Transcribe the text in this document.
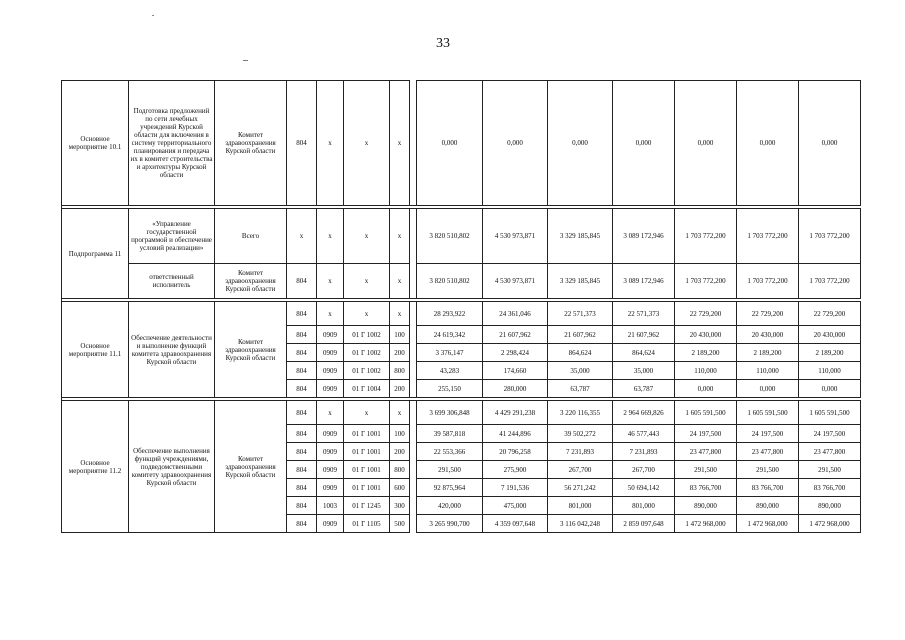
33
Основное мероприятие 10.1	Подготовка предложений по сети лечебных учреждений Курской области для включения в систему территориального планирования и передача их в комитет строительства и архитектуры Курской области	Комитет здравоохранения Курской области	804	x	x	x		0,000	0,000	0,000	0,000	0,000	0,000	0,000

Подпрограмма 11	«Управление государственной программой и обеспечение условий реализации»	Всего	x	x	x	x		3 820 510,802	4 530 973,871	3 329 185,845	3 089 172,946	1 703 772,200	1 703 772,200	1 703 772,200
	ответственный исполнитель	Комитет здравоохранения Курской области	804	x	x	x		3 820 510,802	4 530 973,871	3 329 185,845	3 089 172,946	1 703 772,200	1 703 772,200	1 703 772,200

Основное мероприятие 11.1	Обеспечение деятельности и выполнение функций комитета здравоохранения Курской области	Комитет здравоохранения Курской области	804	x	x	x		28 293,922	24 361,046	22 571,373	22 571,373	22 729,200	22 729,200	22 729,200
			804	0909	01 Г 1002	100		24 619,342	21 607,962	21 607,962	21 607,962	20 430,000	20 430,000	20 430,000
			804	0909	01 Г 1002	200		3 376,147	2 298,424	864,624	864,624	2 189,200	2 189,200	2 189,200
			804	0909	01 Г 1002	800		43,283	174,660	35,000	35,000	110,000	110,000	110,000
			804	0909	01 Г 1004	200		255,150	280,000	63,787	63,787	0,000	0,000	0,000

Основное мероприятие 11.2	Обеспечение выполнения функций учреждениями, подведомственными комитету здравоохранения Курской области	Комитет здравоохранения Курской области	804	x	x	x		3 699 306,848	4 429 291,238	3 220 116,355	2 964 669,826	1 605 591,500	1 605 591,500	1 605 591,500
			804	0909	01 Г 1001	100		39 587,818	41 244,896	39 502,272	46 577,443	24 197,500	24 197,500	24 197,500
			804	0909	01 Г 1001	200		22 553,366	20 796,258	7 231,893	7 231,893	23 477,800	23 477,800	23 477,800
			804	0909	01 Г 1001	800		291,500	275,900	267,700	267,700	291,500	291,500	291,500
			804	0909	01 Г 1001	600		92 875,964	7 191,536	56 271,242	50 694,142	83 766,700	83 766,700	83 766,700
			804	1003	01 Г 1245	300		420,000	475,000	801,000	801,000	890,000	890,000	890,000
			804	0909	01 Г 1105	500		3 265 990,700	4 359 097,648	3 116 042,248	2 859 097,648	1 472 968,000	1 472 968,000	1 472 968,000
